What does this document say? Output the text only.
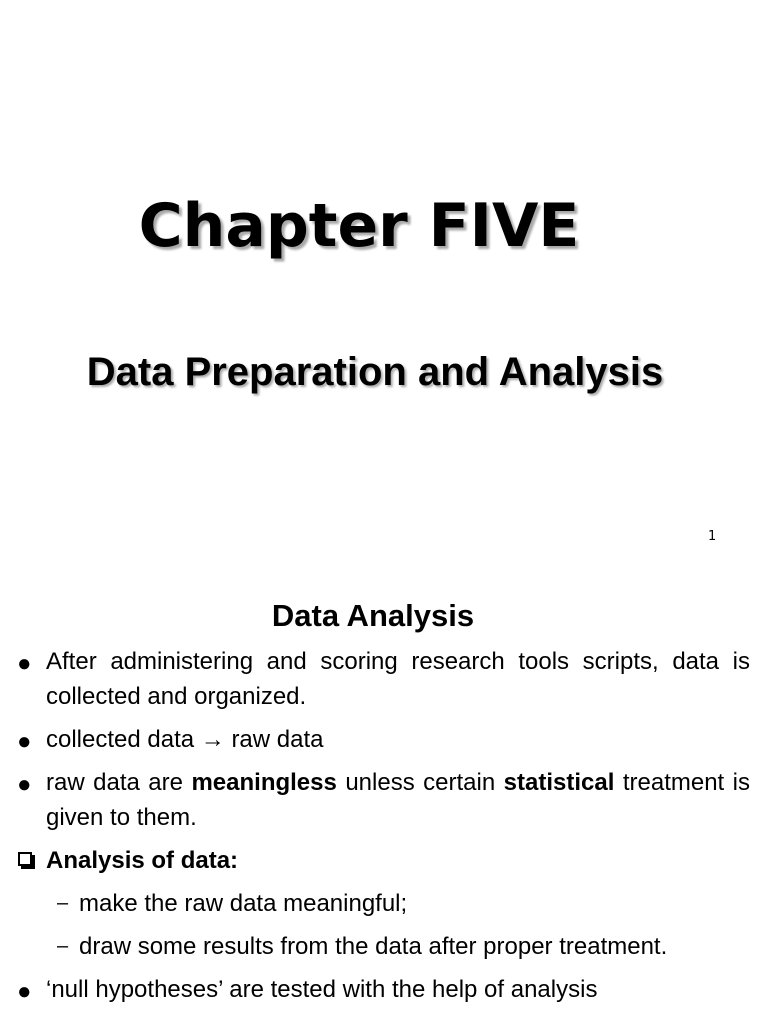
Chapter FIVE
Data Preparation and Analysis
1
Data Analysis
● After administering and scoring research tools scripts, data is collected and organized.
● collected data → raw data
● raw data are meaningless unless certain statistical treatment is given to them.
Analysis of data:
– make the raw data meaningful;
– draw some results from the data after proper treatment.
● ‘null hypotheses’ are tested with the help of analysis
